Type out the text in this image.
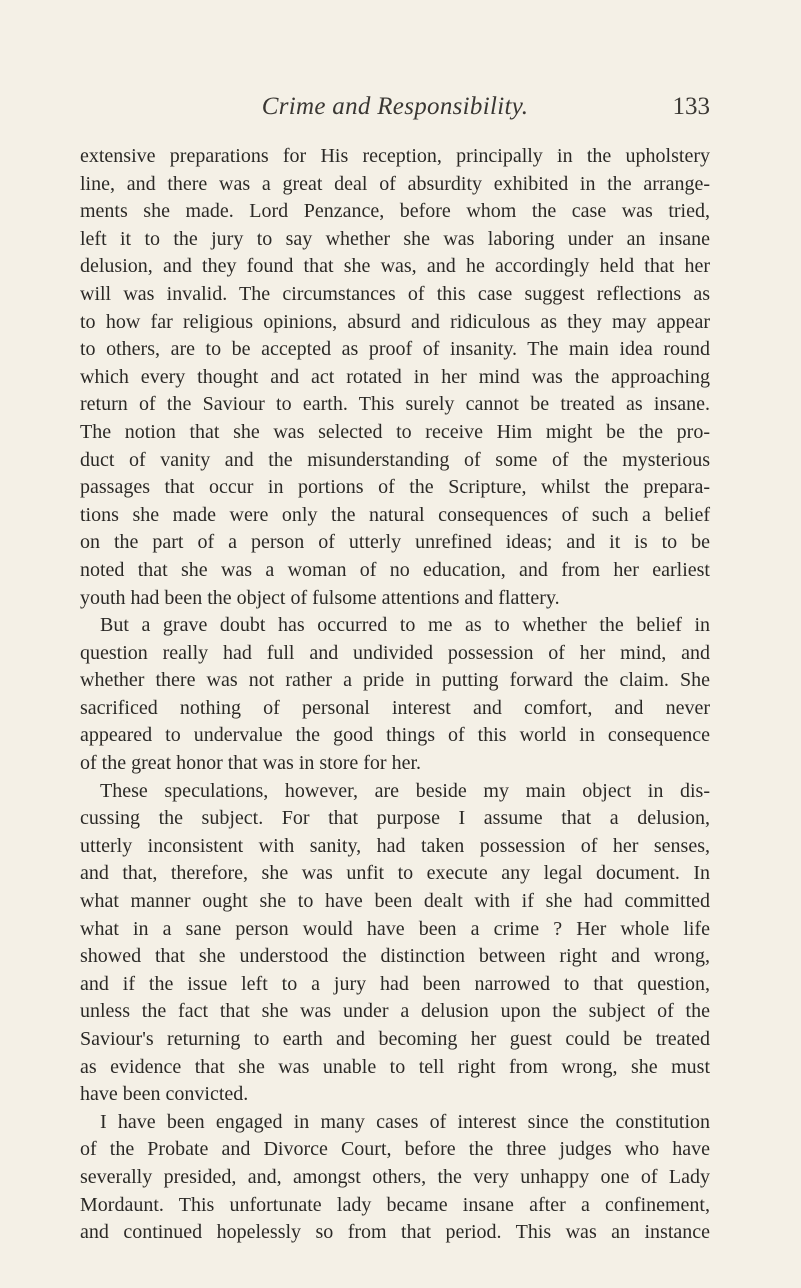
Crime and Responsibility.	133
extensive preparations for His reception, principally in the upholstery
line, and there was a great deal of absurdity exhibited in the arrange-
ments she made. Lord Penzance, before whom the case was tried,
left it to the jury to say whether she was laboring under an insane
delusion, and they found that she was, and he accordingly held that her
will was invalid. The circumstances of this case suggest reflections as
to how far religious opinions, absurd and ridiculous as they may appear
to others, are to be accepted as proof of insanity. The main idea round
which every thought and act rotated in her mind was the approaching
return of the Saviour to earth. This surely cannot be treated as insane.
The notion that she was selected to receive Him might be the pro-
duct of vanity and the misunderstanding of some of the mysterious
passages that occur in portions of the Scripture, whilst the prepara-
tions she made were only the natural consequences of such a belief
on the part of a person of utterly unrefined ideas; and it is to be
noted that she was a woman of no education, and from her earliest
youth had been the object of fulsome attentions and flattery.
But a grave doubt has occurred to me as to whether the belief in
question really had full and undivided possession of her mind, and
whether there was not rather a pride in putting forward the claim. She
sacrificed nothing of personal interest and comfort, and never
appeared to undervalue the good things of this world in consequence
of the great honor that was in store for her.
These speculations, however, are beside my main object in dis-
cussing the subject. For that purpose I assume that a delusion,
utterly inconsistent with sanity, had taken possession of her senses,
and that, therefore, she was unfit to execute any legal document. In
what manner ought she to have been dealt with if she had committed
what in a sane person would have been a crime ? Her whole life
showed that she understood the distinction between right and wrong,
and if the issue left to a jury had been narrowed to that question,
unless the fact that she was under a delusion upon the subject of the
Saviour's returning to earth and becoming her guest could be treated
as evidence that she was unable to tell right from wrong, she must
have been convicted.
I have been engaged in many cases of interest since the constitution
of the Probate and Divorce Court, before the three judges who have
severally presided, and, amongst others, the very unhappy one of Lady
Mordaunt. This unfortunate lady became insane after a confinement,
and continued hopelessly so from that period. This was an instance
